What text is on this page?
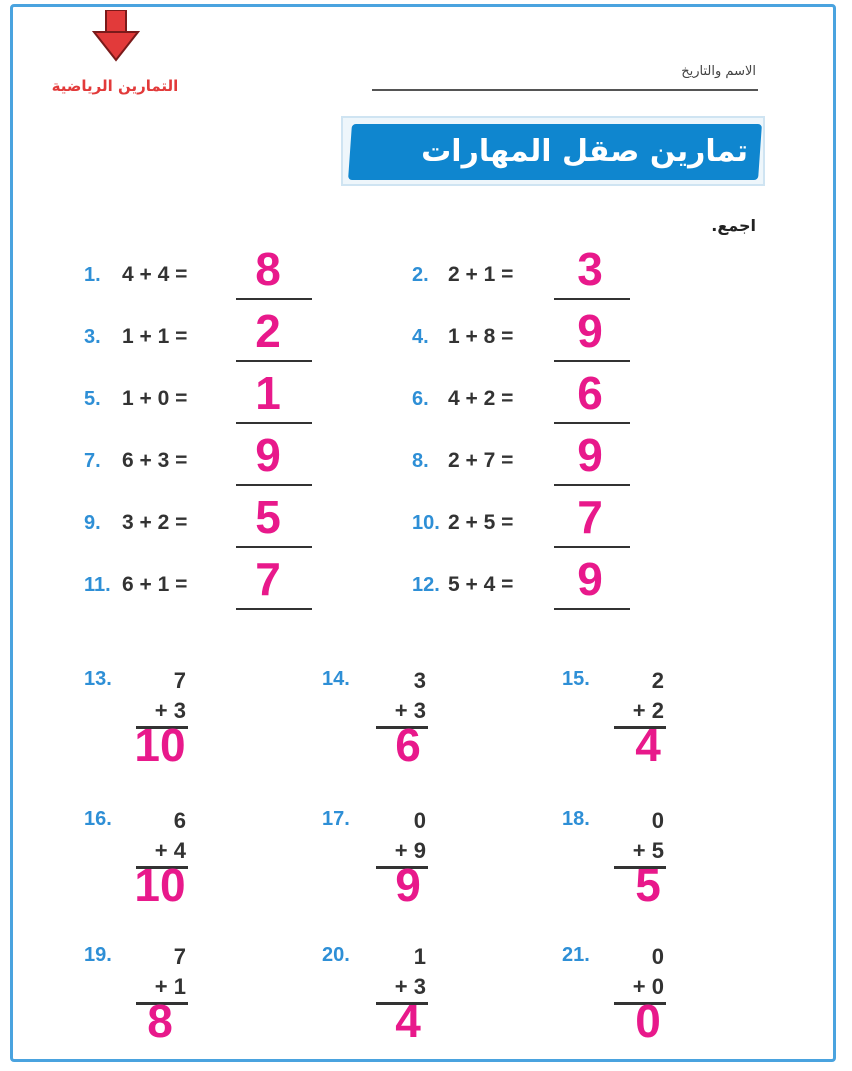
التمارين الرياضية
الاسم والتاريخ
تمارين صقل المهارات
اجمع.
1. 4 + 4 =	8	2. 2 + 1 =	3
3. 1 + 1 =	2	4. 1 + 8 =	9
5. 1 + 0 =	1	6. 4 + 2 =	6
7. 6 + 3 =	9	8. 2 + 7 =	9
9. 3 + 2 =	5	10. 2 + 5 =	7
11. 6 + 1 =	7	12. 5 + 4 =	9
13.	7
+ 3
10
14.	3
+ 3
6
15.	2
+ 2
4
16.	6
+ 4
10
17.	0
+ 9
9
18.	0
+ 5
5
19.	7
+ 1
8
20.	1
+ 3
4
21.	0
+ 0
0
